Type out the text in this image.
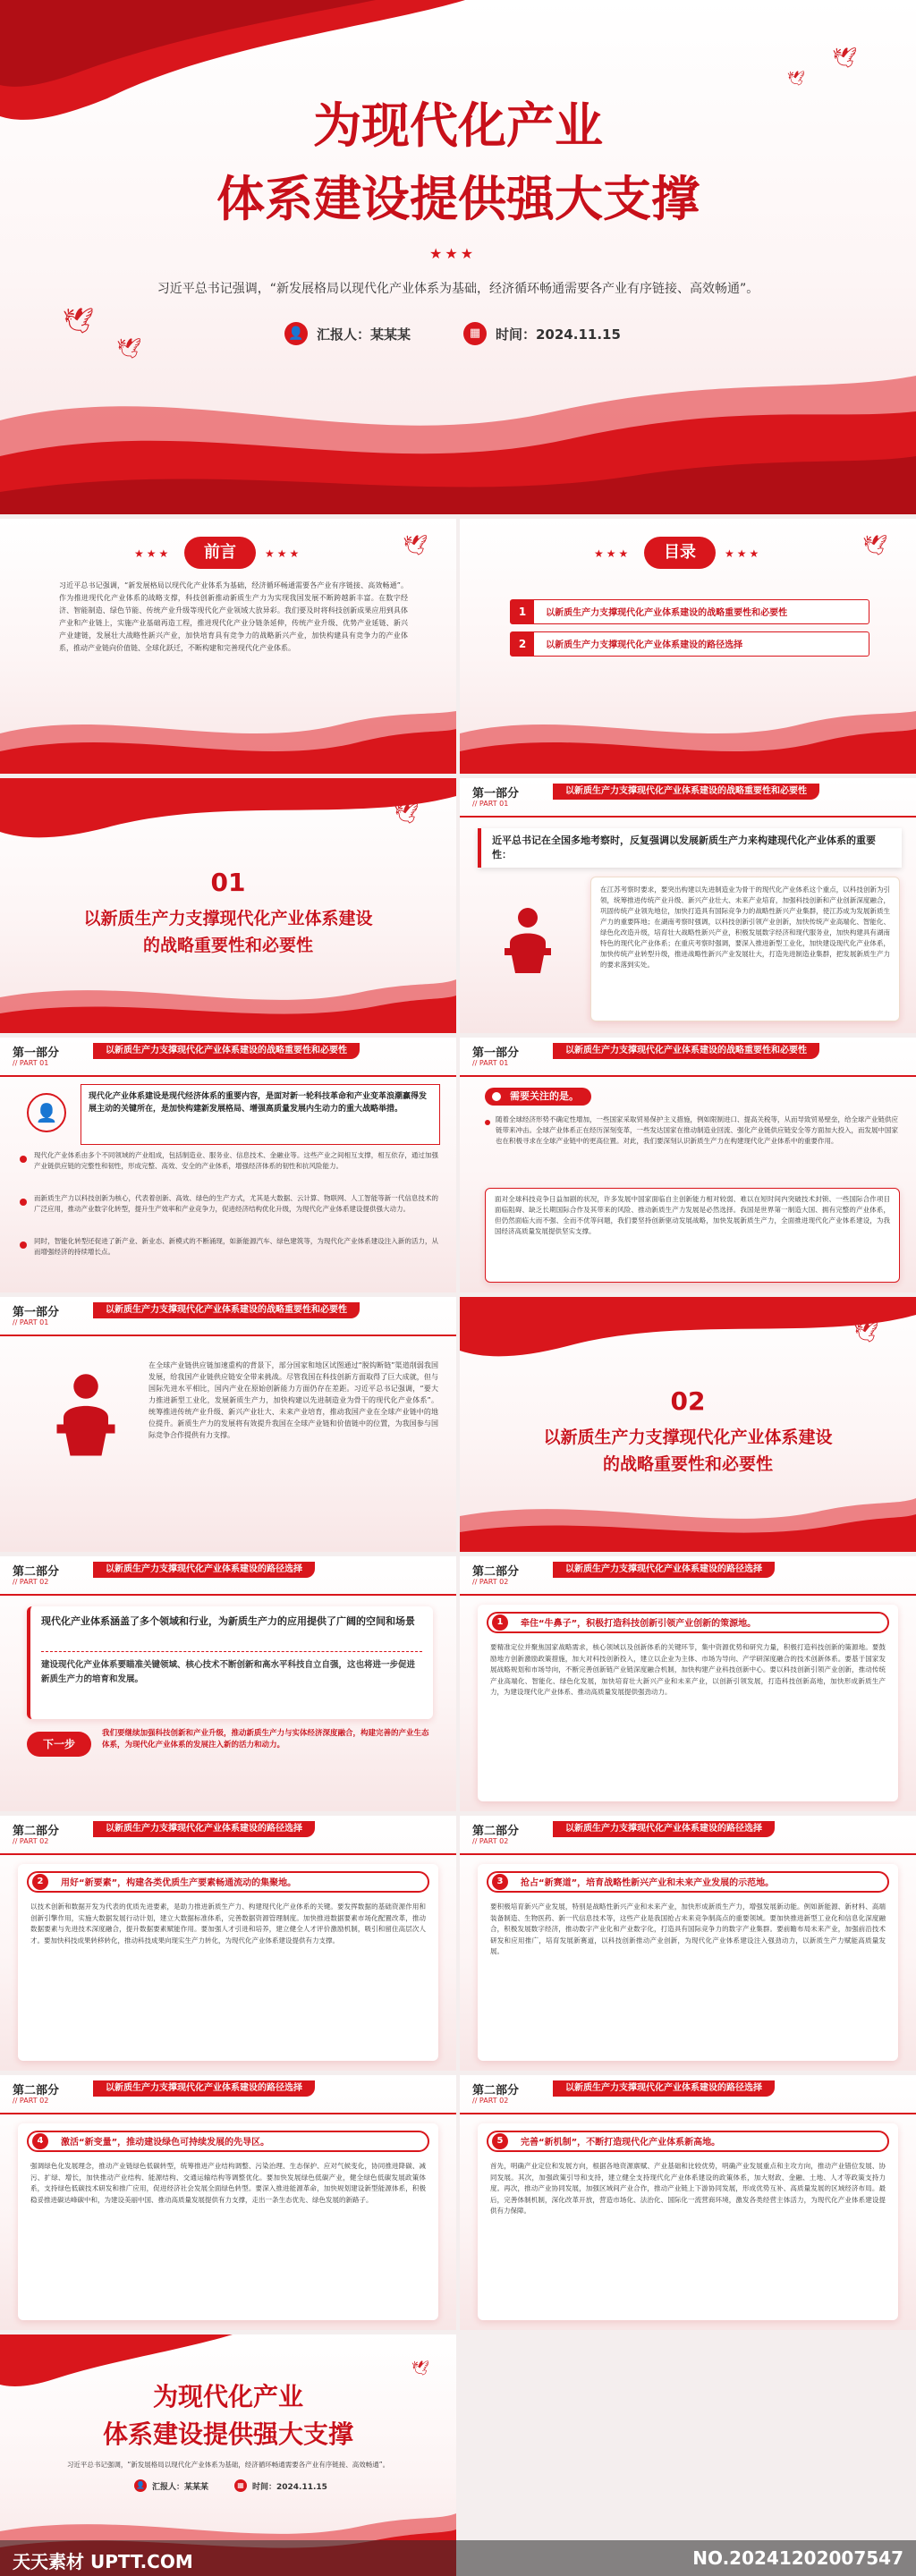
🕊
🕊
🕊
🕊
为现代化产业
体系建设提供强大支撑
★★★
习近平总书记强调，“新发展格局以现代化产业体系为基础，经济循环畅通需要各产业有序链接、高效畅通”。
👤 汇报人：某某某	▦	时间：2024.11.15
★★★	前言	★★★	🕊

习近平总书记强调，“新发展格局以现代化产业体系为基础，经济循环畅通需要各产业有序链接、高效畅通”。作为推进现代化产业体系的战略支撑，科技创新推动新质生产力为实现我国发展不断跨越新丰富。在数字经济、智能制造、绿色节能、传统产业升级等现代化产业领域大放异彩。我们要及时将科技创新成果应用到具体产业和产业链上，实施产业基础再造工程，推进现代化产业分链条延伸，传统产业升级、优势产业延链、新兴产业建链，发展壮大战略性新兴产业，加快培育具有竞争力的战略新兴产业，加快构建具有竞争力的产业体系，推动产业链向价值链、全球化跃迁，不断构建和完善现代化产业体系。

★★★	目录	★★★	🕊
1 以新质生产力支撑现代化产业体系建设的战略重要性和必要性
2 以新质生产力支撑现代化产业体系建设的路径选择
🕊
01
以新质生产力支撑现代化产业体系建设
的战略重要性和必要性
第一部分
// PART 01
以新质生产力支撑现代化产业体系建设的战略重要性和必要性
近平总书记在全国多地考察时，反复强调以发展新质生产力来构建现代化产业体系的重要性：

在江苏考察时要求，要突出构建以先进制造业为骨干的现代化产业体系这个重点，以科技创新为引领，统筹推进传统产业升级、新兴产业壮大、未来产业培育，加强科技创新和产业创新深度融合，巩固传统产业领先地位，加快打造具有国际竞争力的战略性新兴产业集群，使江苏成为发展新质生产力的重要阵地；在湖南考察时强调，以科技创新引领产业创新，加快传统产业高端化、智能化、绿色化改造升级，培育壮大战略性新兴产业，积极发展数字经济和现代服务业，加快构建具有湖南特色的现代化产业体系；在重庆考察时强调，要深入推进新型工业化，加快建设现代化产业体系，加快传统产业转型升级，推进战略性新兴产业发展壮大，打造先进制造业集群，把发展新质生产力的要求落到实处。

第一部分
// PART 01
以新质生产力支撑现代化产业体系建设的战略重要性和必要性
👤
现代化产业体系建设是现代经济体系的重要内容，是面对新一轮科技革命和产业变革浪潮赢得发展主动的关键所在，是加快构建新发展格局、增强高质量发展内生动力的重大战略举措。

现代化产业体系由多个不同领域的产业组成，包括制造业、服务业、信息技术、金融业等。这些产业之间相互支撑，相互依存，通过加强产业链供应链的完整性和韧性，形成完整、高效、安全的产业体系，增强经济体系的韧性和抗风险能力。

而新质生产力以科技创新为核心，代表着创新、高效、绿色的生产方式，尤其是大数据、云计算、物联网、人工智能等新一代信息技术的广泛应用，推动产业数字化转型，提升生产效率和产业竞争力，促进经济结构优化升级，为现代化产业体系建设提供强大动力。

同时，智能化转型还促进了新产业、新业态、新模式的不断涌现，如新能源汽车、绿色建筑等，为现代化产业体系建设注入新的活力，从而增强经济的持续增长点。

第一部分
// PART 01
以新质生产力支撑现代化产业体系建设的战略重要性和必要性
需要关注的是。

随着全球经济形势不确定性增加，一些国家采取贸易保护主义措施，例如限制进口、提高关税等，从而导致贸易壁垒，给全球产业链供应链带来冲击。全球产业体系正在经历深刻变革，一些发达国家在推动制造业回流、强化产业链供应链安全等方面加大投入，而发展中国家也在积极寻求在全球产业链中的更高位置。对此，我们要深刻认识新质生产力在构建现代化产业体系中的重要作用。

面对全球科技竞争日益加剧的状况，许多发展中国家面临自主创新能力相对较弱、难以在短时间内突破技术封锁、一些国际合作项目面临阻碍、缺乏长期国际合作及其带来的风险、推动新质生产力发展是必然选择。我国是世界第一制造大国、拥有完整的产业体系，但仍然面临大而不强、全而不优等问题，我们要坚持创新驱动发展战略，加快发展新质生产力，全面推进现代化产业体系建设，为我国经济高质量发展提供坚实支撑。

第一部分
// PART 01
以新质生产力支撑现代化产业体系建设的战略重要性和必要性

在全球产业链供应链加速重构的背景下，部分国家和地区试图通过“脱钩断链”渠道削弱我国发展，给我国产业链供应链安全带来挑战。尽管我国在科技创新方面取得了巨大成就，但与国际先进水平相比，国内产业在原始创新能力方面仍存在差距。习近平总书记强调，“要大力推进新型工业化，发展新质生产力，加快构建以先进制造业为骨干的现代化产业体系”。统筹推进传统产业升级、新兴产业壮大、未来产业培育，推动我国产业在全球产业链中的地位提升。新质生产力的发展将有效提升我国在全球产业链和价值链中的位置，为我国参与国际竞争合作提供有力支撑。

🕊
02
以新质生产力支撑现代化产业体系建设
的战略重要性和必要性
第二部分
// PART 02
以新质生产力支撑现代化产业体系建设的路径选择
现代化产业体系涵盖了多个领域和行业，为新质生产力的应用提供了广阔的空间和场景
建设现代化产业体系要瞄准关键领域、核心技术不断创新和高水平科技自立自强，这也将进一步促进新质生产力的培育和发展。
下一步
我们要继续加强科技创新和产业升级，推动新质生产力与实体经济深度融合，构建完善的产业生态体系，为现代化产业体系的发展注入新的活力和动力。
第二部分
// PART 02
以新质生产力支撑现代化产业体系建设的路径选择
1	牵住“牛鼻子”，积极打造科技创新引领产业创新的策源地。

要精准定位并聚焦国家战略需求，核心领域以及创新体系的关键环节，集中资源优势和研究力量，积极打造科技创新的策源地。要鼓励地方创新激励政策措施，加大对科技创新投入，建立以企业为主体、市场为导向、产学研深度融合的技术创新体系。要基于国家发展战略规划和市场导向，不断完善创新链产业链深度融合机制，加快构建产业科技创新中心。要以科技创新引领产业创新，推动传统产业高端化、智能化、绿色化发展，加快培育壮大新兴产业和未来产业，以创新引领发展，打造科技创新高地，加快形成新质生产力，为建设现代化产业体系、推动高质量发展提供强劲动力。

第二部分
// PART 02
以新质生产力支撑现代化产业体系建设的路径选择
2	用好“新要素”，构建各类优质生产要素畅通流动的集聚地。

以技术创新和数据开发为代表的优质先进要素，是助力推进新质生产力、构建现代化产业体系的关键。要发挥数据的基础资源作用和创新引擎作用，实施大数据发展行动计划，建立大数据标准体系，完善数据资源管理制度。加快推进数据要素市场化配置改革，推动数据要素与先进技术深度融合，提升数据要素赋能作用。要加强人才引进和培养，建立健全人才评价激励机制，吸引和留住高层次人才。要加快科技成果转移转化，推动科技成果向现实生产力转化，为现代化产业体系建设提供有力支撑。

第二部分
// PART 02
以新质生产力支撑现代化产业体系建设的路径选择
3	抢占“新赛道”，培育战略性新兴产业和未来产业发展的示范地。

要积极培育新兴产业发展，特别是战略性新兴产业和未来产业，加快形成新质生产力，增强发展新动能。例如新能源、新材料、高端装备制造、生物医药、新一代信息技术等，这些产业是我国抢占未来竞争制高点的重要领域。要加快推进新型工业化和信息化深度融合，积极发展数字经济，推动数字产业化和产业数字化，打造具有国际竞争力的数字产业集群。要前瞻布局未来产业，加强前沿技术研发和应用推广，培育发展新赛道，以科技创新推动产业创新，为现代化产业体系建设注入强劲动力，以新质生产力赋能高质量发展。

第二部分
// PART 02
以新质生产力支撑现代化产业体系建设的路径选择
4	激活“新变量”，推动建设绿色可持续发展的先导区。

强调绿色化发展理念，推动产业链绿色低碳转型，统筹推进产业结构调整、污染治理、生态保护、应对气候变化，协同推进降碳、减污、扩绿、增长，加快推动产业结构、能源结构、交通运输结构等调整优化。要加快发展绿色低碳产业，健全绿色低碳发展政策体系，支持绿色低碳技术研发和推广应用，促进经济社会发展全面绿色转型。要深入推进能源革命，加快规划建设新型能源体系，积极稳妥推进碳达峰碳中和，为建设美丽中国、推动高质量发展提供有力支撑，走出一条生态优先、绿色发展的新路子。

第二部分
// PART 02
以新质生产力支撑现代化产业体系建设的路径选择
5	完善“新机制”，不断打造现代化产业体系新高地。

首先，明确产业定位和发展方向，根据各地资源禀赋、产业基础和比较优势，明确产业发展重点和主攻方向，推动产业错位发展、协同发展。其次，加强政策引导和支持，建立健全支持现代化产业体系建设的政策体系，加大财政、金融、土地、人才等政策支持力度。再次，推动产业协同发展，加强区域间产业合作，推动产业链上下游协同发展，形成优势互补、高质量发展的区域经济布局。最后，完善体制机制，深化改革开放，营造市场化、法治化、国际化一流营商环境，激发各类经营主体活力，为现代化产业体系建设提供有力保障。

🕊
为现代化产业
体系建设提供强大支撑
习近平总书记强调，“新发展格局以现代化产业体系为基础，经济循环畅通需要各产业有序链接、高效畅通”。
👤 汇报人：某某某	▦	时间：2024.11.15
天天素材 UPTT.COM	NO.20241202007547
